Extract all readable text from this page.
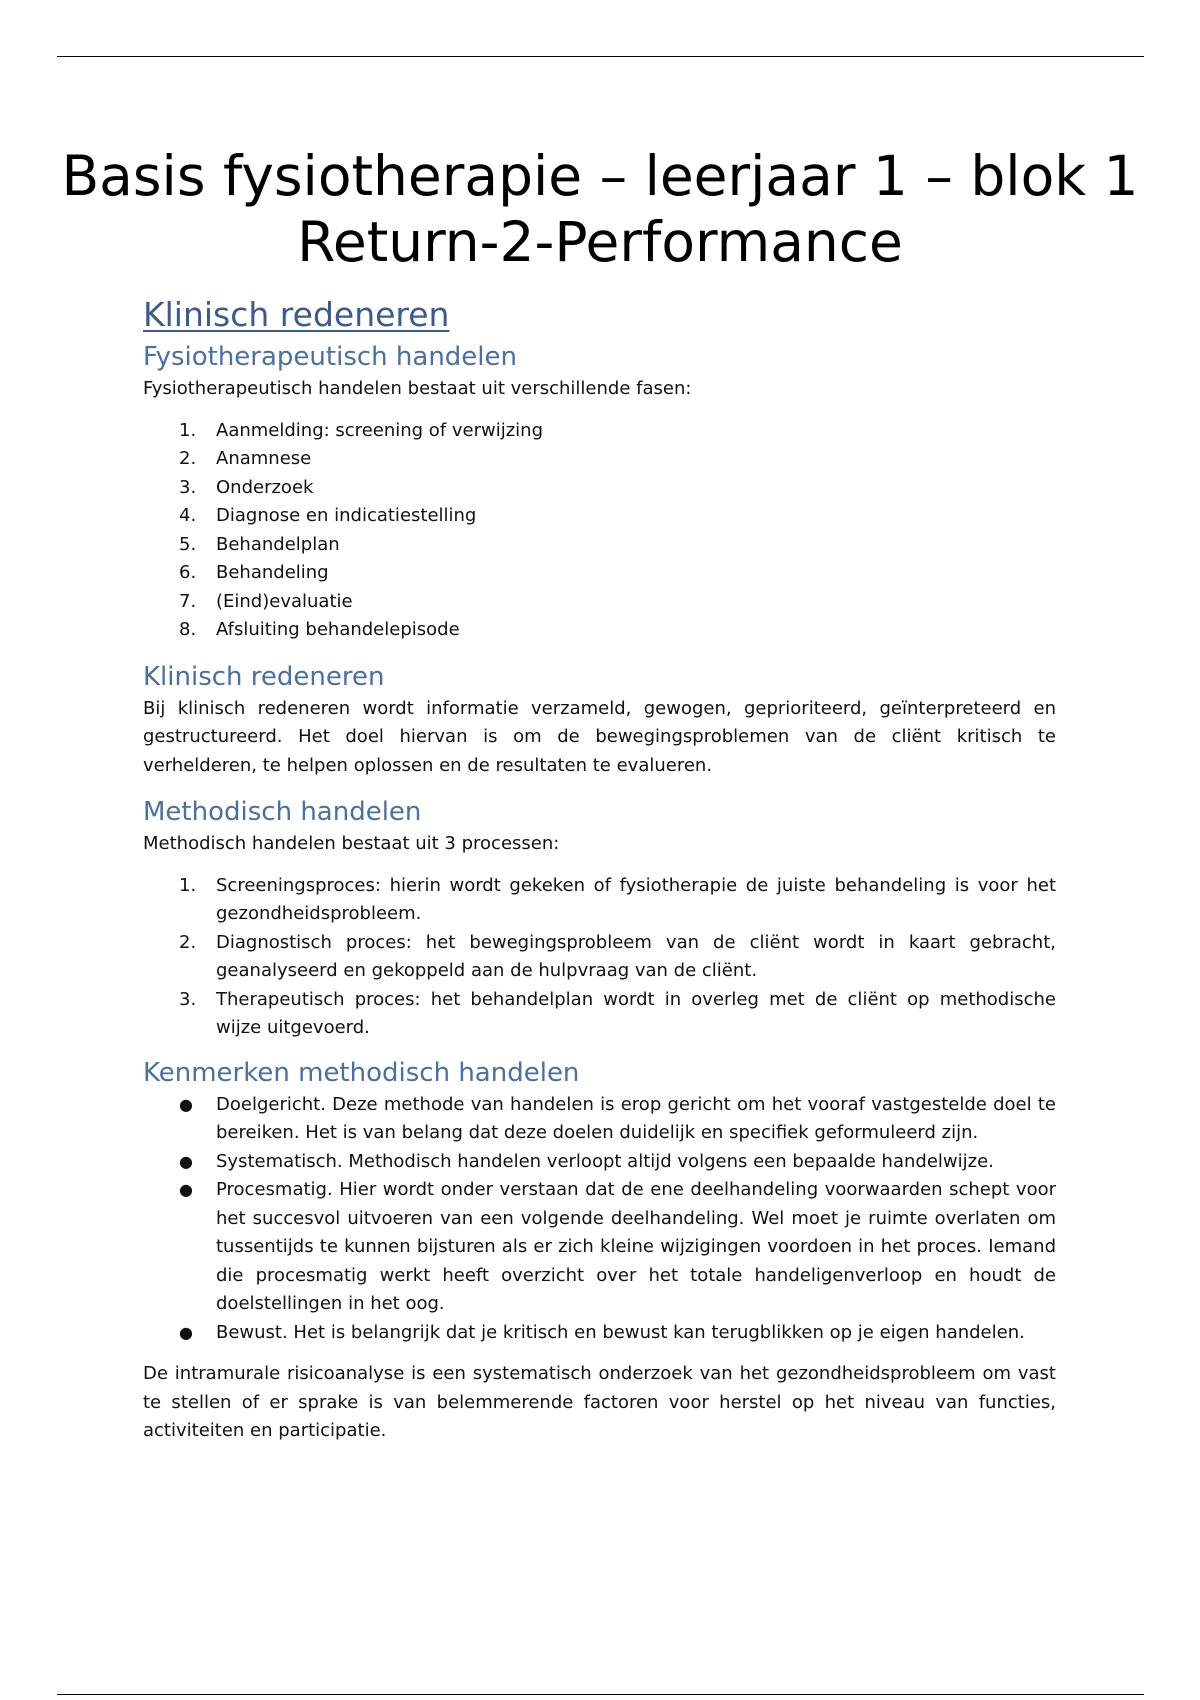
Basis fysiotherapie – leerjaar 1 – blok 1 Return-2-Performance
Klinisch redeneren
Fysiotherapeutisch handelen

Fysiotherapeutisch handelen bestaat uit verschillende fasen:

1.	Aanmelding: screening of verwijzing
2.	Anamnese
3.	Onderzoek
4.	Diagnose en indicatiestelling
5.	Behandelplan
6.	Behandeling
7.	(Eind)evaluatie
8.	Afsluiting behandelepisode
Klinisch redeneren

Bij klinisch redeneren wordt informatie verzameld, gewogen, geprioriteerd, geïnterpreteerd en gestructureerd. Het doel hiervan is om de bewegingsproblemen van de cliënt kritisch te verhelderen, te helpen oplossen en de resultaten te evalueren.

Methodisch handelen

Methodisch handelen bestaat uit 3 processen:

1.	Screeningsproces: hierin wordt gekeken of fysiotherapie de juiste behandeling is voor het gezondheidsprobleem.
2.	Diagnostisch proces: het bewegingsprobleem van de cliënt wordt in kaart gebracht, geanalyseerd en gekoppeld aan de hulpvraag van de cliënt.
3.	Therapeutisch proces: het behandelplan wordt in overleg met de cliënt op methodische wijze uitgevoerd.
Kenmerken methodisch handelen
●	Doelgericht. Deze methode van handelen is erop gericht om het vooraf vastgestelde doel te bereiken. Het is van belang dat deze doelen duidelijk en specifiek geformuleerd zijn.
●	Systematisch. Methodisch handelen verloopt altijd volgens een bepaalde handelwijze.
●	Procesmatig. Hier wordt onder verstaan dat de ene deelhandeling voorwaarden schept voor het succesvol uitvoeren van een volgende deelhandeling. Wel moet je ruimte overlaten om tussentijds te kunnen bijsturen als er zich kleine wijzigingen voordoen in het proces. Iemand die procesmatig werkt heeft overzicht over het totale handeligenverloop en houdt de doelstellingen in het oog.
●	Bewust. Het is belangrijk dat je kritisch en bewust kan terugblikken op je eigen handelen.

De intramurale risicoanalyse is een systematisch onderzoek van het gezondheidsprobleem om vast te stellen of er sprake is van belemmerende factoren voor herstel op het niveau van functies, activiteiten en participatie.
